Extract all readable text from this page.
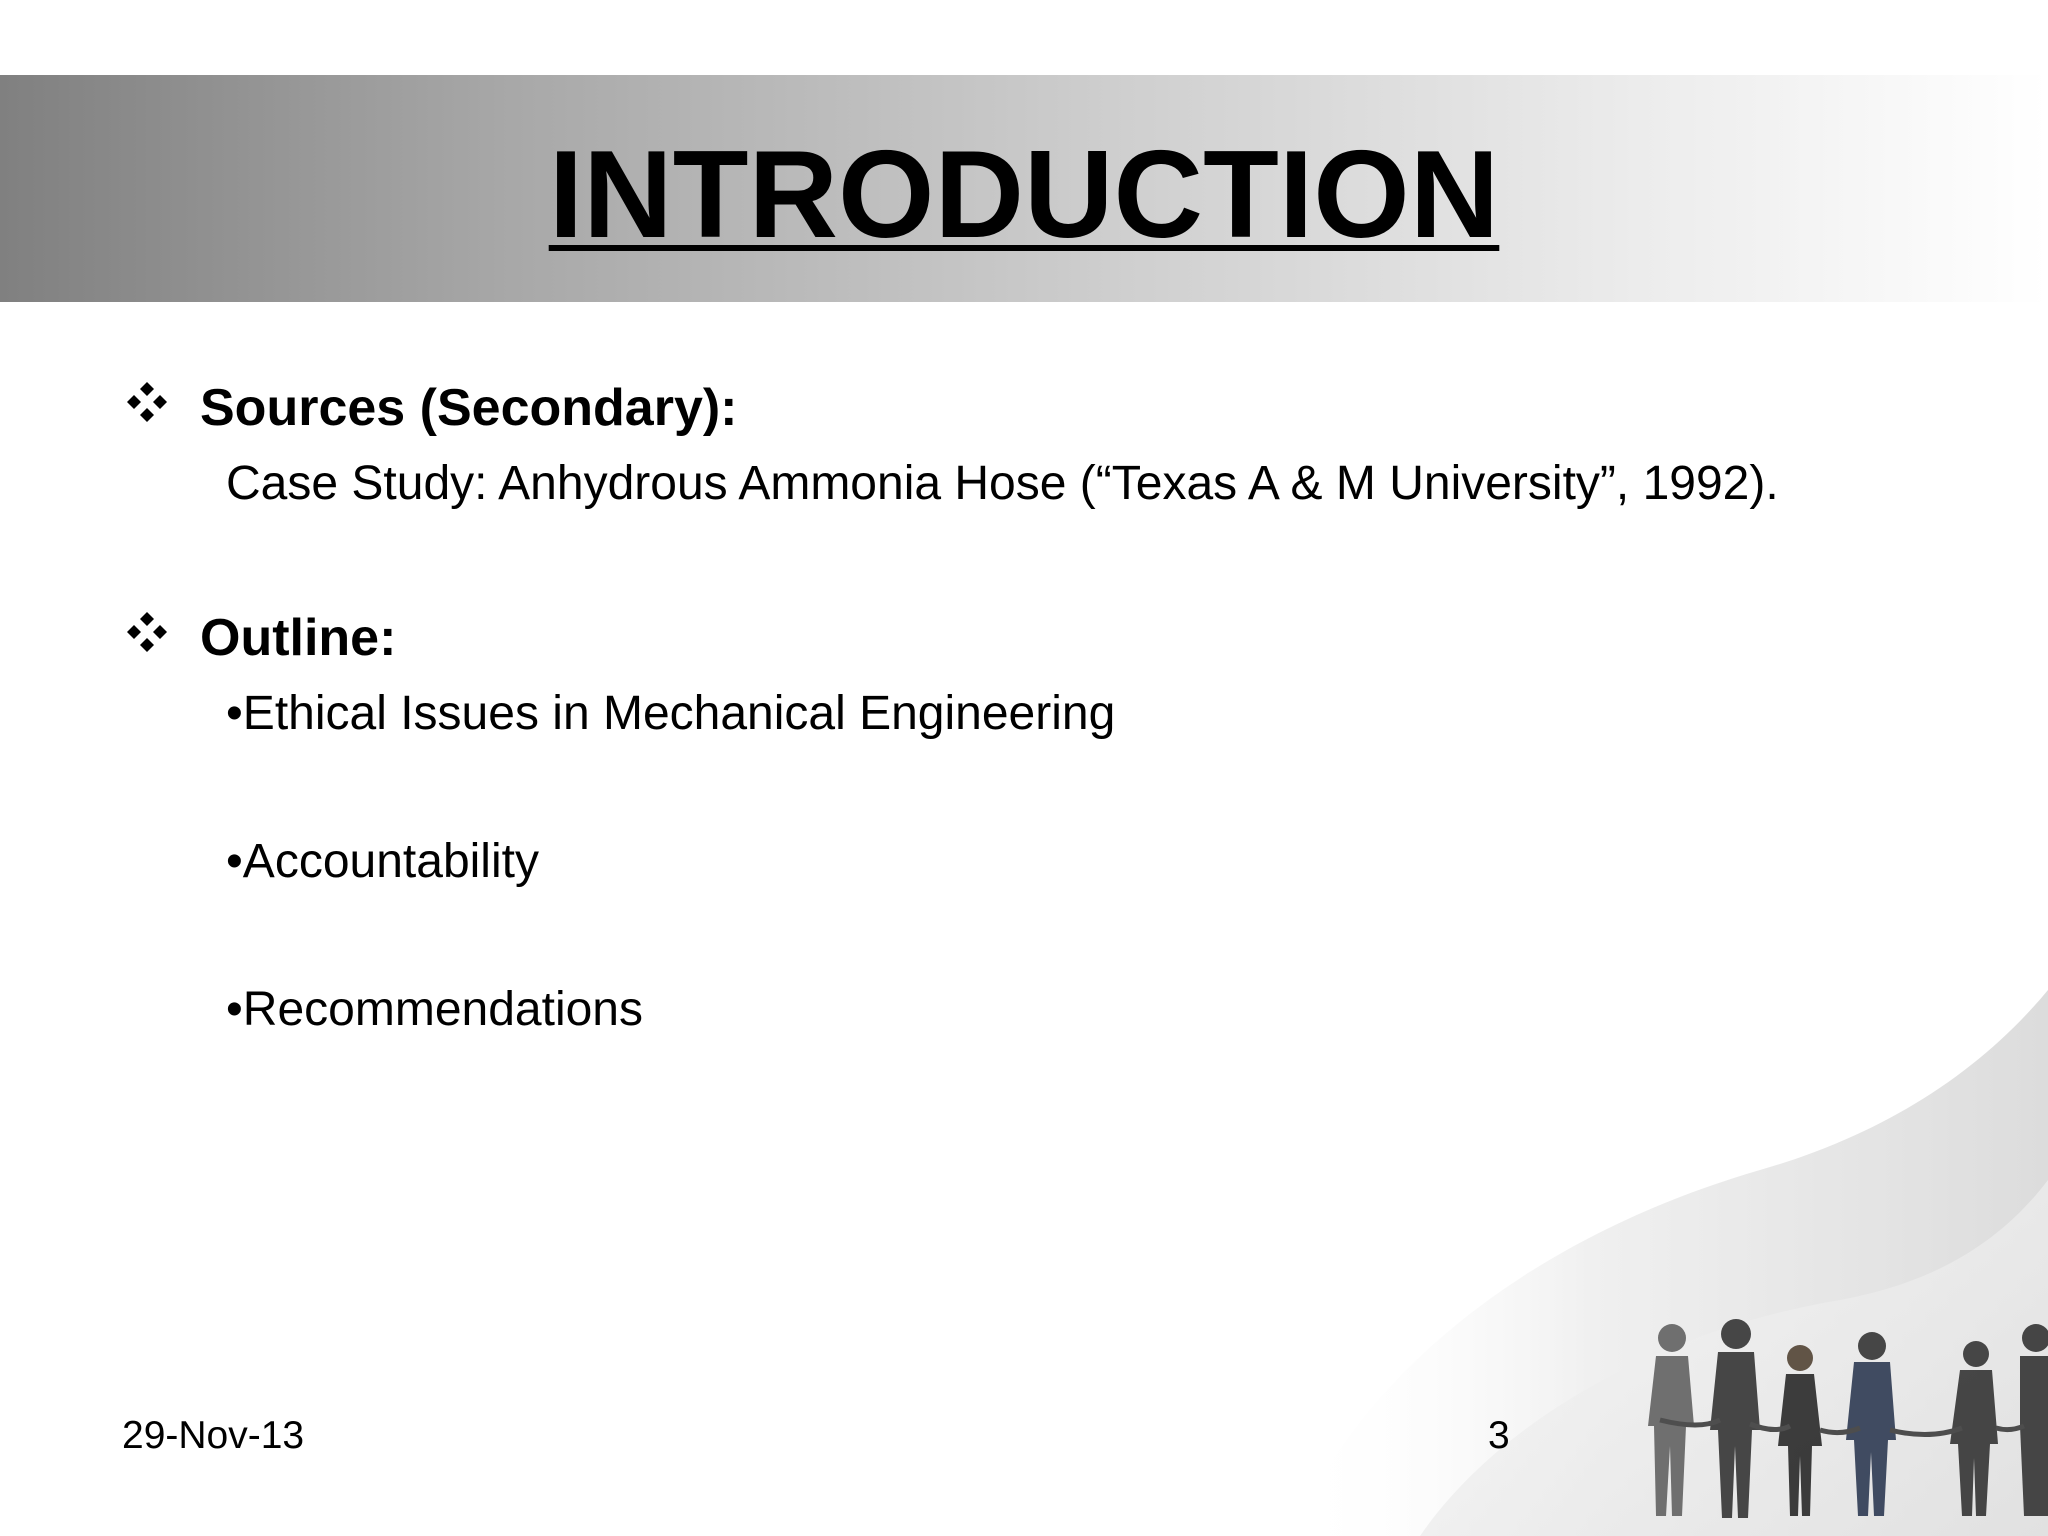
INTRODUCTION
Sources (Secondary):
Case Study: Anhydrous Ammonia Hose (“Texas A & M University”, 1992).
Outline:
•Ethical Issues in Mechanical Engineering
•Accountability
•Recommendations
29-Nov-13	3
